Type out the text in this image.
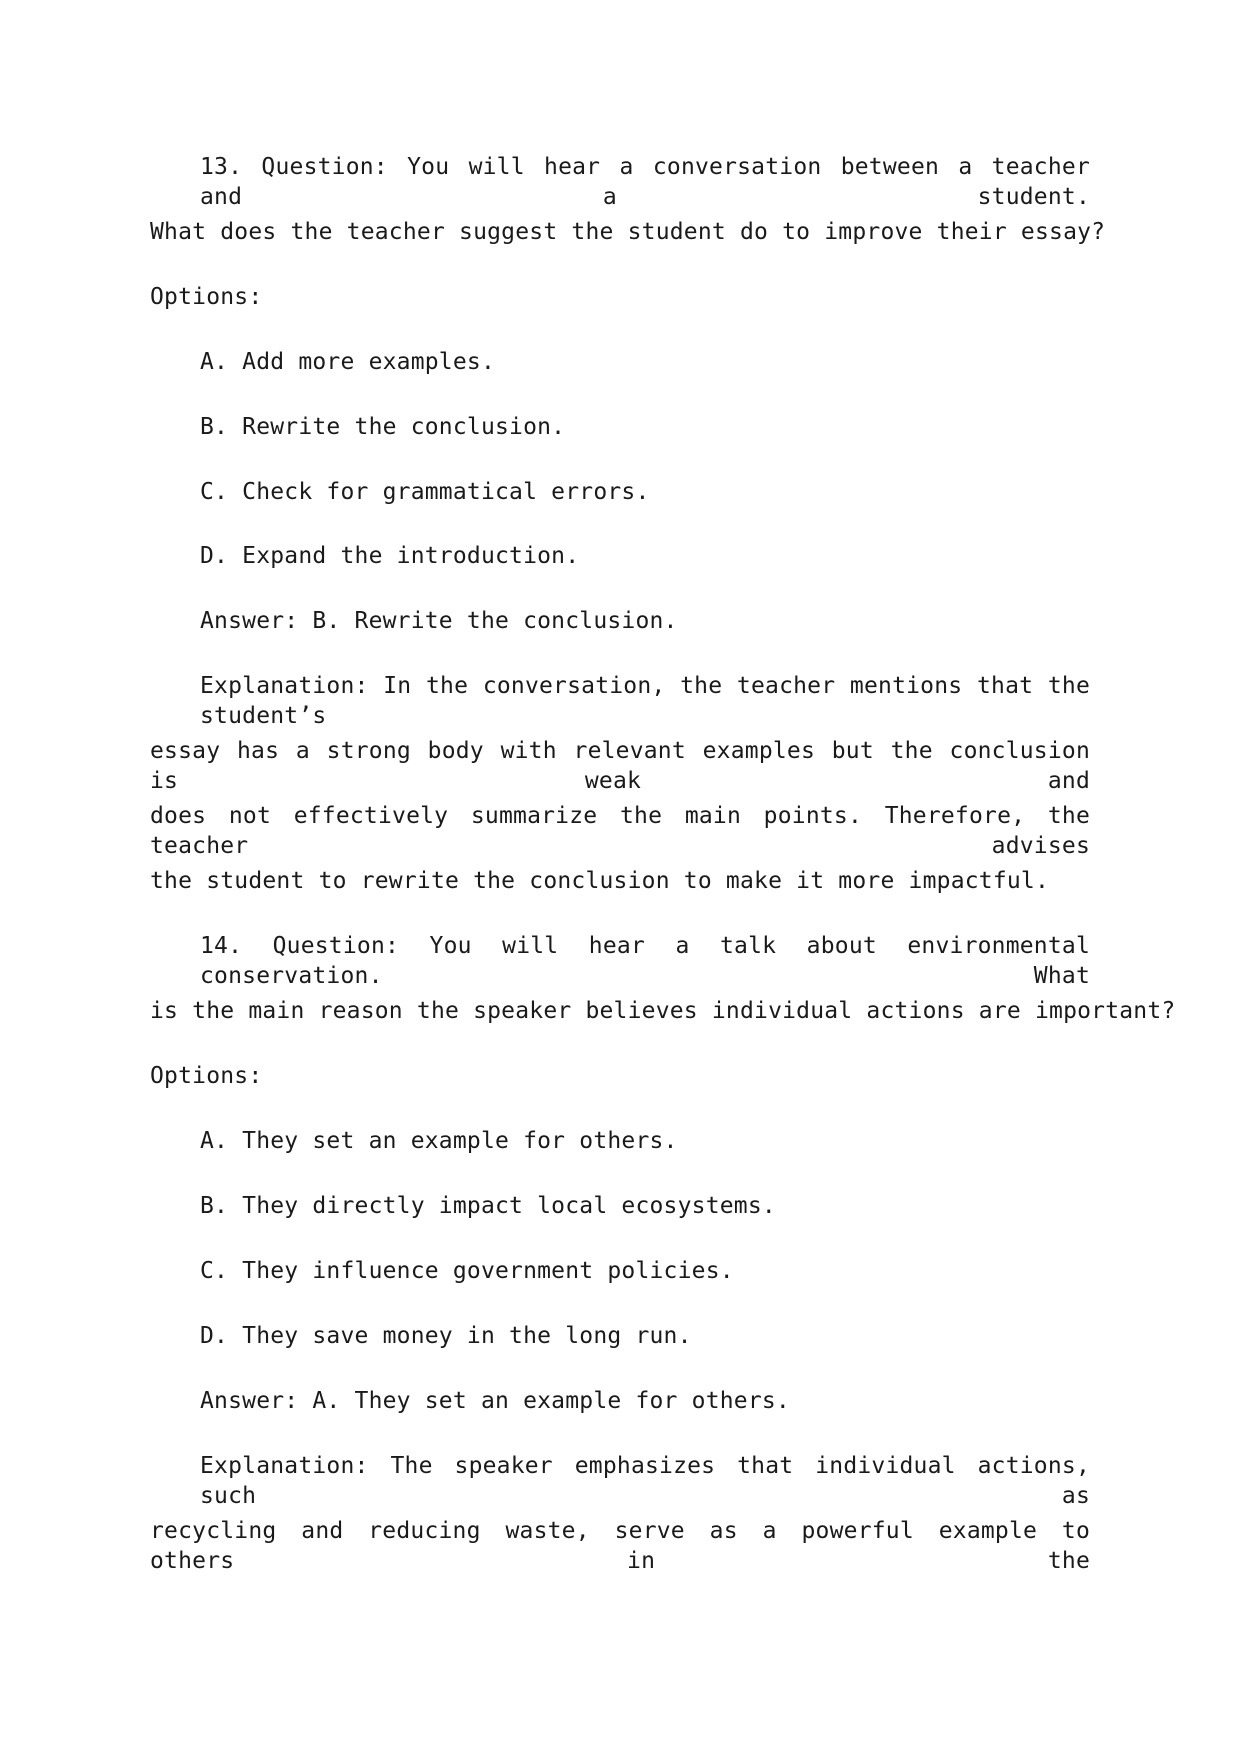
13. Question: You will hear a conversation between a teacher and a student.
What does the teacher suggest the student do to improve their essay?
Options:
A. Add more examples.
B. Rewrite the conclusion.
C. Check for grammatical errors.
D. Expand the introduction.
Answer: B. Rewrite the conclusion.
Explanation: In the conversation, the teacher mentions that the student’s
essay has a strong body with relevant examples but the conclusion is weak and
does not effectively summarize the main points. Therefore, the teacher advises
the student to rewrite the conclusion to make it more impactful.
14. Question: You will hear a talk about environmental conservation. What
is the main reason the speaker believes individual actions are important?
Options:
A. They set an example for others.
B. They directly impact local ecosystems.
C. They influence government policies.
D. They save money in the long run.
Answer: A. They set an example for others.
Explanation: The speaker emphasizes that individual actions, such as
recycling and reducing waste, serve as a powerful example to others in the
